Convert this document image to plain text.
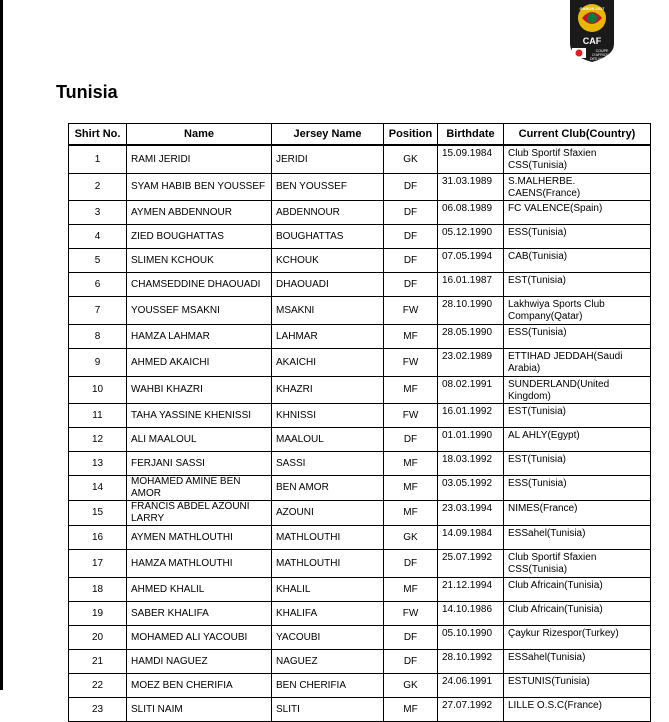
GABON 2017
CAF
COUPE
D'AFRIQUE
DES NATIONS
Tunisia
Shirt No.	Name	Jersey Name	Position	Birthdate	Current Club(Country)
1	RAMI JERIDI	JERIDI	GK	15.09.1984	Club Sportif Sfaxien CSS(Tunisia)
2	SYAM HABIB BEN YOUSSEF	BEN YOUSSEF	DF	31.03.1989	S.MALHERBE. CAENS(France)
3	AYMEN ABDENNOUR	ABDENNOUR	DF	06.08.1989	FC VALENCE(Spain)
4	ZIED BOUGHATTAS	BOUGHATTAS	DF	05.12.1990	ESS(Tunisia)
5	SLIMEN KCHOUK	KCHOUK	DF	07.05.1994	CAB(Tunisia)
6	CHAMSEDDINE DHAOUADI	DHAOUADI	DF	16.01.1987	EST(Tunisia)
7	YOUSSEF MSAKNI	MSAKNI	FW	28.10.1990	Lakhwiya Sports Club Company(Qatar)
8	HAMZA LAHMAR	LAHMAR	MF	28.05.1990	ESS(Tunisia)
9	AHMED AKAICHI	AKAICHI	FW	23.02.1989	ETTIHAD JEDDAH(Saudi Arabia)
10	WAHBI KHAZRI	KHAZRI	MF	08.02.1991	SUNDERLAND(United Kingdom)
11	TAHA YASSINE KHENISSI	KHNISSI	FW	16.01.1992	EST(Tunisia)
12	ALI MAALOUL	MAALOUL	DF	01.01.1990	AL AHLY(Egypt)
13	FERJANI SASSI	SASSI	MF	18.03.1992	EST(Tunisia)
14	MOHAMED AMINE BEN AMOR	BEN AMOR	MF	03.05.1992	ESS(Tunisia)
15	FRANCIS ABDEL AZOUNI LARRY	AZOUNI	MF	23.03.1994	NIMES(France)
16	AYMEN MATHLOUTHI	MATHLOUTHI	GK	14.09.1984	ESSahel(Tunisia)
17	HAMZA MATHLOUTHI	MATHLOUTHI	DF	25.07.1992	Club Sportif Sfaxien CSS(Tunisia)
18	AHMED KHALIL	KHALIL	MF	21.12.1994	Club Africain(Tunisia)
19	SABER KHALIFA	KHALIFA	FW	14.10.1986	Club Africain(Tunisia)
20	MOHAMED ALI YACOUBI	YACOUBI	DF	05.10.1990	Çaykur Rizespor(Turkey)
21	HAMDI NAGUEZ	NAGUEZ	DF	28.10.1992	ESSahel(Tunisia)
22	MOEZ BEN CHERIFIA	BEN CHERIFIA	GK	24.06.1991	ESTUNIS(Tunisia)
23	SLITI NAIM	SLITI	MF	27.07.1992	LILLE O.S.C(France)
